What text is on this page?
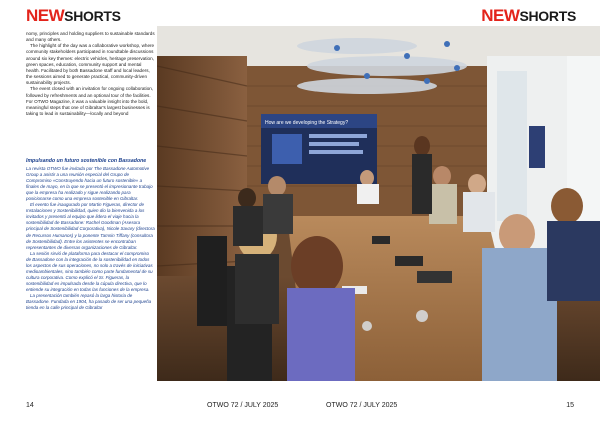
NEWSHORTS	NEWSHORTS

nomy, principles and holding suppliers to sustainable standards and many others.

The highlight of the day was a collaborative workshop, where community stakeholders participated in roundtable discussions around six key themes: electric vehicles, heritage preservation, green spaces, education, community support and mental health. Facilitated by both Bassadone staff and local leaders, the sessions aimed to generate practical, community-driven sustainability projects.

The event closed with an invitation for ongoing collaboration, followed by refreshments and an optional tour of the facilities. For OTWO Magazine, it was a valuable insight into the bold, meaningful steps that one of Gibraltar's largest businesses is taking to lead in sustainability—locally and beyond

Impulsando un futuro sostenible con Bassadone

La revista OTWO fue invitada por The Bassadone Automotive Group a asistir a una reunión especial del Grupo de Compromiso «Construyendo hacia un futuro sostenible» a finales de mayo, en la que se presentó el impresionante trabajo que la empresa ha realizado y sigue realizando para posicionarse como una empresa sostenible en Gibraltar.

El evento fue inaugurado por Martin Figueras, director de Instalaciones y Sostenibilidad, quien dio la bienvenida a los invitados y presentó al equipo que lidera el viaje hacia la sostenibilidad de Bassadone: Rachel Goodman (Asesora principal de Sostenibilidad Corporativa), Nicole Savary (directora de Recursos Humanos) y la ponente Tamsin Tiffany (consultora de Sostenibilidad). Entre los asistentes se encontraban representantes de diversas organizaciones de Gibraltar.

La sesión sirvió de plataforma para destacar el compromiso de Bassadone con la integración de la sostenibilidad en todos los aspectos de sus operaciones, no solo a través de iniciativas medioambientales, sino también como parte fundamental de su cultura corporativa. Como explicó el Sr. Figueras, la sostenibilidad es impulsada desde la cúpula directiva, que lo entiende su integración en todas las funciones de la empresa.

La presentación también repasó la larga historia de Bassadone. Fundada en 1904, ha pasado de ser una pequeña tienda en la calle principal de Gibraltar

How are we developing the Strategy?
14	OTWO 72 / JULY 2025	OTWO 72 / JULY 2025	15
